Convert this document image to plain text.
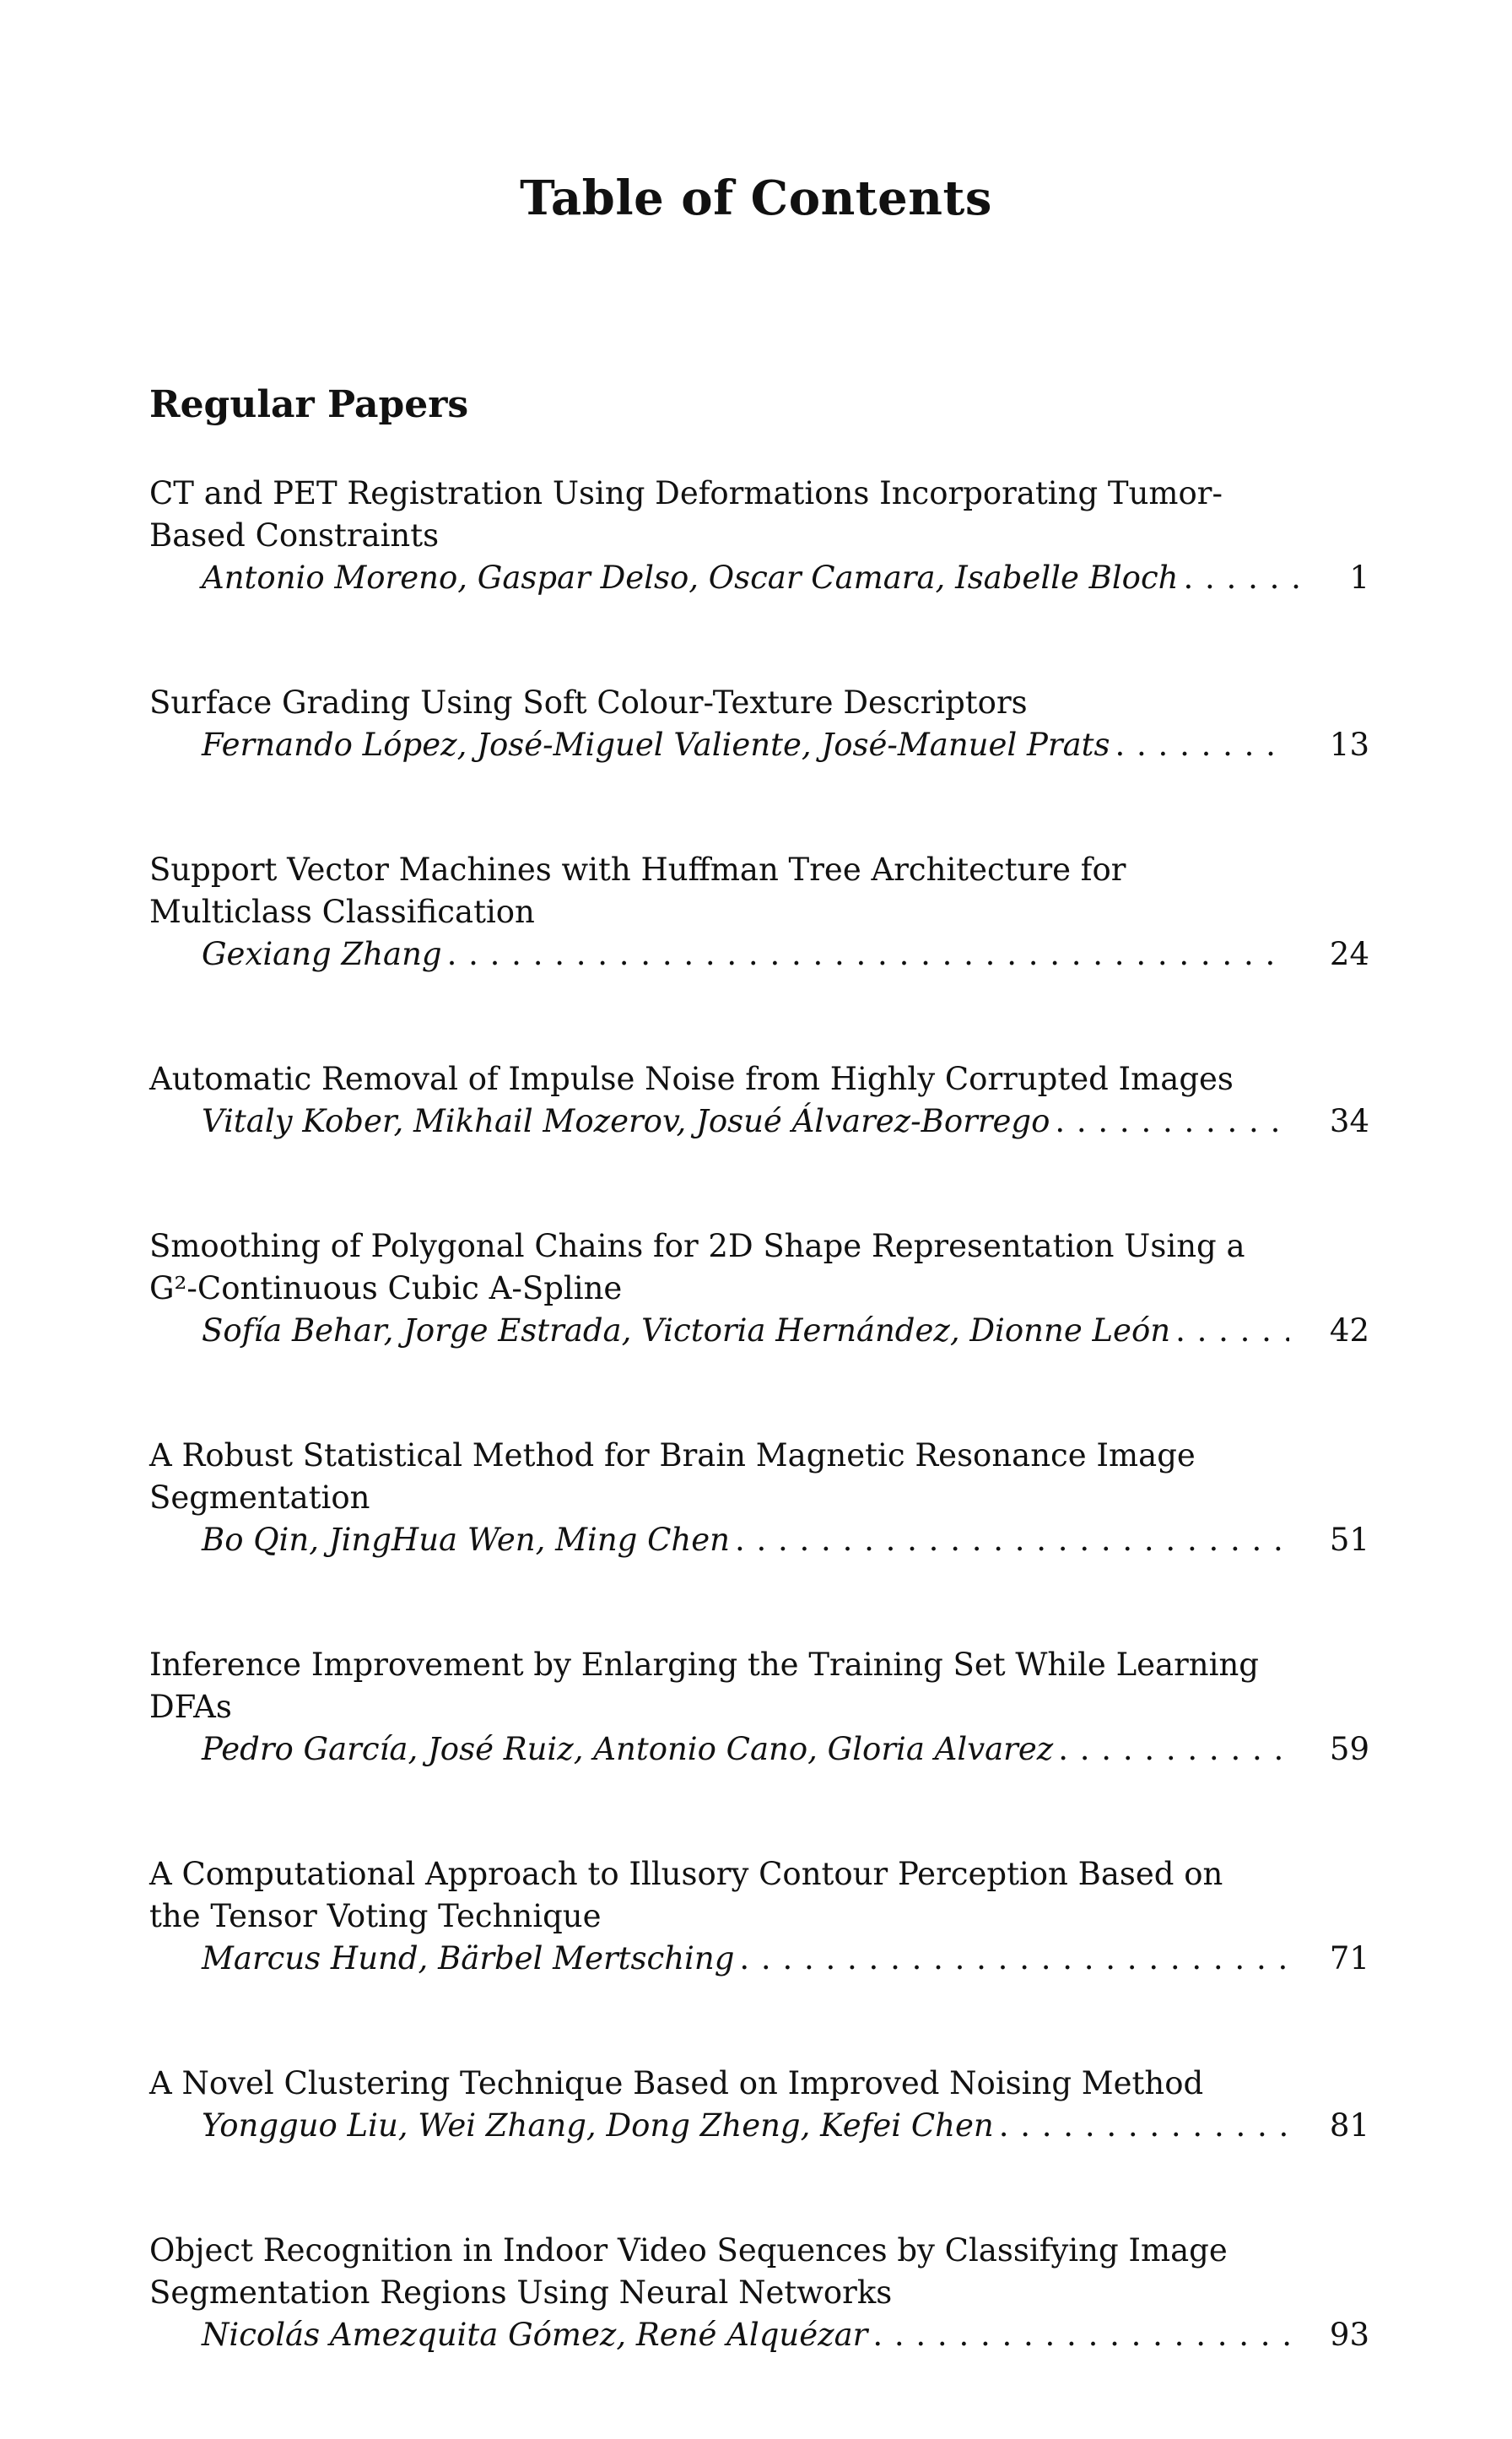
Table of Contents
Regular Papers
CT and PET Registration Using Deformations Incorporating Tumor-Based Constraints
Antonio Moreno, Gaspar Delso, Oscar Camara, Isabelle Bloch . . .	1
Surface Grading Using Soft Colour-Texture Descriptors
Fernando López, José-Miguel Valiente, José-Manuel Prats . . .	13
Support Vector Machines with Huffman Tree Architecture for Multiclass Classification
Gexiang Zhang . . .	24
Automatic Removal of Impulse Noise from Highly Corrupted Images
Vitaly Kober, Mikhail Mozerov, Josué Álvarez-Borrego . . .	34
Smoothing of Polygonal Chains for 2D Shape Representation Using a G²-Continuous Cubic A-Spline
Sofía Behar, Jorge Estrada, Victoria Hernández, Dionne León . . .	42
A Robust Statistical Method for Brain Magnetic Resonance Image Segmentation
Bo Qin, JingHua Wen, Ming Chen . . .	51
Inference Improvement by Enlarging the Training Set While Learning DFAs
Pedro García, José Ruiz, Antonio Cano, Gloria Alvarez . . .	59
A Computational Approach to Illusory Contour Perception Based on the Tensor Voting Technique
Marcus Hund, Bärbel Mertsching . . .	71
A Novel Clustering Technique Based on Improved Noising Method
Yongguo Liu, Wei Zhang, Dong Zheng, Kefei Chen . . .	81
Object Recognition in Indoor Video Sequences by Classifying Image Segmentation Regions Using Neural Networks
Nicolás Amezquita Gómez, René Alquézar . . .	93
